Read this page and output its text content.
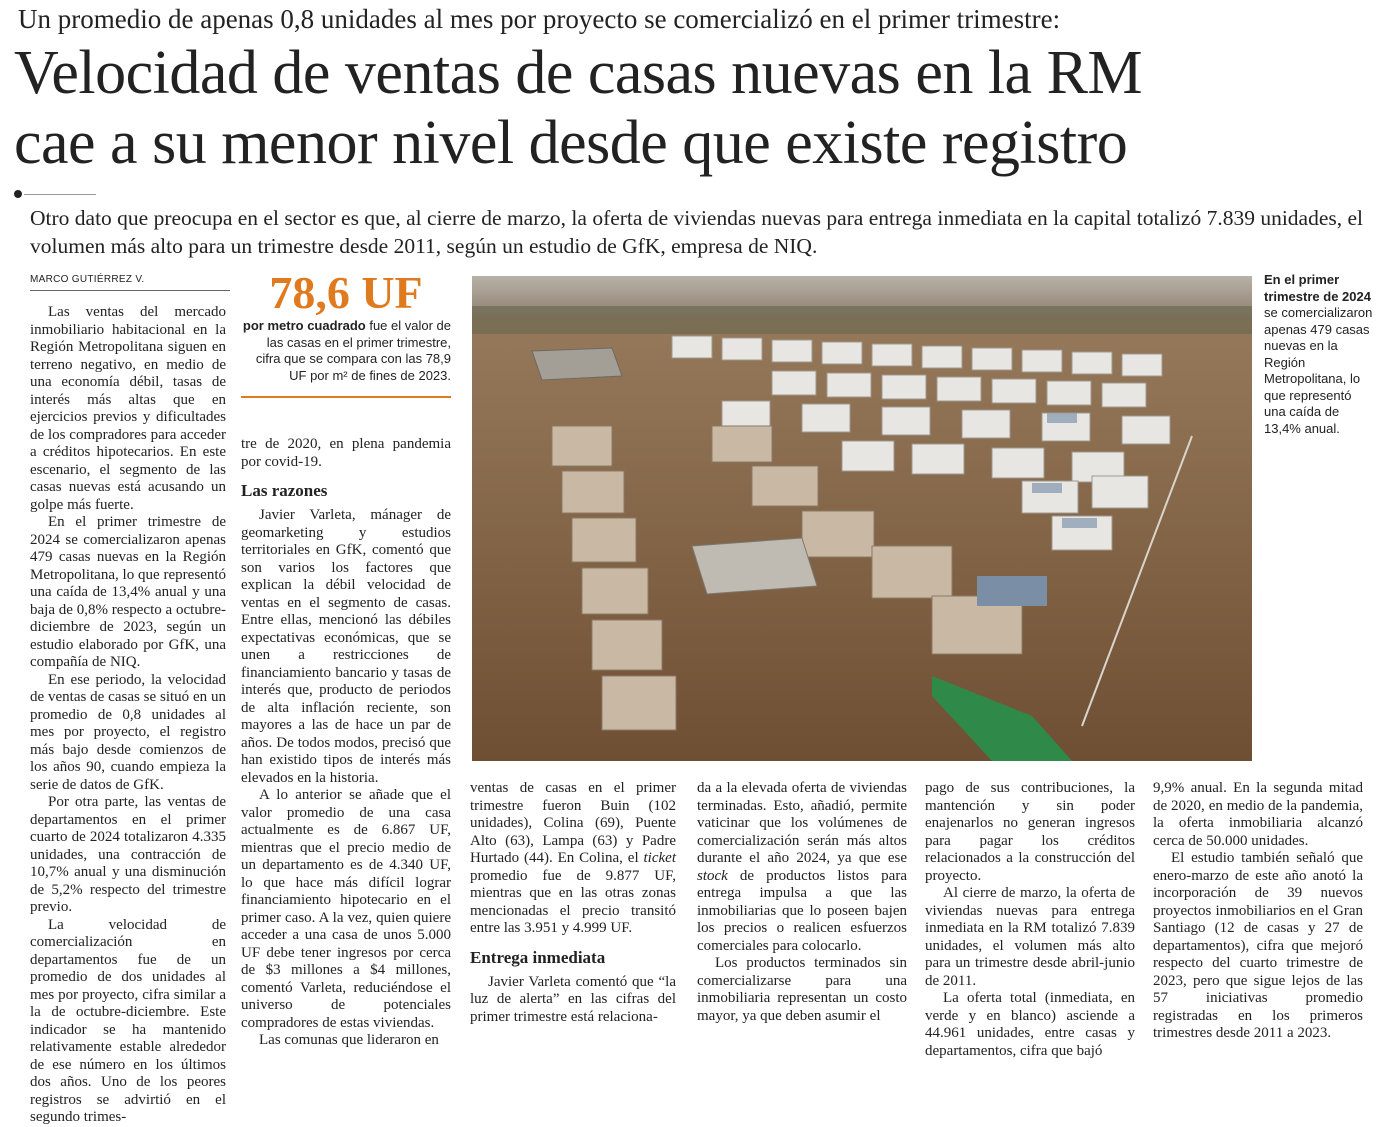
Un promedio de apenas 0,8 unidades al mes por proyecto se comercializó en el primer trimestre:
Velocidad de ventas de casas nuevas en la RM
cae a su menor nivel desde que existe registro
Otro dato que preocupa en el sector es que, al cierre de marzo, la oferta de viviendas nuevas para entrega inmediata en la capital totalizó 7.839 unidades, el volumen más alto para un trimestre desde 2011, según un estudio de GfK, empresa de NIQ.
MARCO GUTIÉRREZ V.

Las ventas del mercado inmobiliario habitacional en la Región Metropolitana siguen en terreno negativo, en medio de una economía débil, tasas de interés más altas que en ejercicios previos y dificultades de los compradores para acceder a créditos hipotecarios. En este escenario, el segmento de las casas nuevas está acusando un golpe más fuerte.

En el primer trimestre de 2024 se comercializaron apenas 479 casas nuevas en la Región Metropolitana, lo que representó una caída de 13,4% anual y una baja de 0,8% respecto a octubre-diciembre de 2023, según un estudio elaborado por GfK, una compañía de NIQ.

En ese periodo, la velocidad de ventas de casas se situó en un promedio de 0,8 unidades al mes por proyecto, el registro más bajo desde comienzos de los años 90, cuando empieza la serie de datos de GfK.

Por otra parte, las ventas de departamentos en el primer cuarto de 2024 totalizaron 4.335 unidades, una contracción de 10,7% anual y una disminución de 5,2% respecto del trimestre previo.

La velocidad de comercialización en departamentos fue de un promedio de dos unidades al mes por proyecto, cifra similar a la de octubre-diciembre. Este indicador se ha mantenido relativamente estable alrededor de ese número en los últimos dos años. Uno de los peores registros se advirtió en el segundo trimes-

78,6 UF
por metro cuadrado fue el valor de las casas en el primer trimestre, cifra que se compara con las 78,9 UF por m² de fines de 2023.

tre de 2020, en plena pandemia por covid-19.

Las razones

Javier Varleta, mánager de geomarketing y estudios territoriales en GfK, comentó que son varios los factores que explican la débil velocidad de ventas en el segmento de casas. Entre ellas, mencionó las débiles expectativas económicas, que se unen a restricciones de financiamiento bancario y tasas de interés que, producto de periodos de alta inflación reciente, son mayores a las de hace un par de años. De todos modos, precisó que han existido tipos de interés más elevados en la historia.

A lo anterior se añade que el valor promedio de una casa actualmente es de 6.867 UF, mientras que el precio medio de un departamento es de 4.340 UF, lo que hace más difícil lograr financiamiento hipotecario en el primer caso. A la vez, quien quiere acceder a una casa de unos 5.000 UF debe tener ingresos por cerca de $3 millones a $4 millones, comentó Varleta, reduciéndose el universo de potenciales compradores de estas viviendas.

Las comunas que lideraron en

En el primer trimestre de 2024 se comercializaron apenas 479 casas nuevas en la Región Metropolitana, lo que representó una caída de 13,4% anual.

ventas de casas en el primer trimestre fueron Buin (102 unidades), Colina (69), Puente Alto (63), Lampa (63) y Padre Hurtado (44). En Colina, el ticket promedio fue de 9.877 UF, mientras que en las otras zonas mencionadas el precio transitó entre las 3.951 y 4.999 UF.

Entrega inmediata

Javier Varleta comentó que “la luz de alerta” en las cifras del primer trimestre está relaciona-

da a la elevada oferta de viviendas terminadas. Esto, añadió, permite vaticinar que los volúmenes de comercialización serán más altos durante el año 2024, ya que ese stock de productos listos para entrega impulsa a que las inmobiliarias que lo poseen bajen los precios o realicen esfuerzos comerciales para colocarlo.

Los productos terminados sin comercializarse para una inmobiliaria representan un costo mayor, ya que deben asumir el

pago de sus contribuciones, la mantención y sin poder enajenarlos no generan ingresos para pagar los créditos relacionados a la construcción del proyecto.

Al cierre de marzo, la oferta de viviendas nuevas para entrega inmediata en la RM totalizó 7.839 unidades, el volumen más alto para un trimestre desde abril-junio de 2011.

La oferta total (inmediata, en verde y en blanco) asciende a 44.961 unidades, entre casas y departamentos, cifra que bajó

9,9% anual. En la segunda mitad de 2020, en medio de la pandemia, la oferta inmobiliaria alcanzó cerca de 50.000 unidades.

El estudio también señaló que enero-marzo de este año anotó la incorporación de 39 nuevos proyectos inmobiliarios en el Gran Santiago (12 de casas y 27 de departamentos), cifra que mejoró respecto del cuarto trimestre de 2023, pero que sigue lejos de las 57 iniciativas promedio registradas en los primeros trimestres desde 2011 a 2023.
